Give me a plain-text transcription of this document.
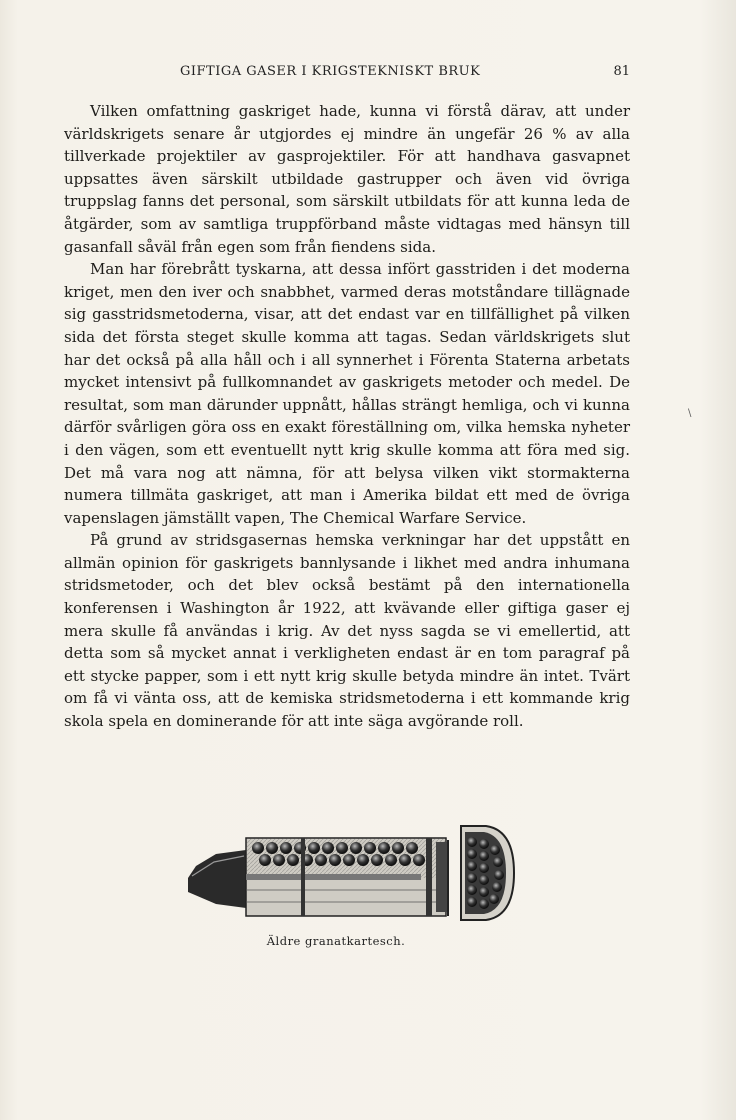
GIFTIGA GASER I KRIGSTEKNISKT BRUK	81

Vilken omfattning gaskriget hade, kunna vi förstå därav, att under världskrigets senare år utgjordes ej mindre än ungefär 26 % av alla tillverkade projektiler av gasprojektiler. För att handhava gasvapnet uppsattes även särskilt utbildade gastrupper och även vid övriga truppslag fanns det personal, som särskilt utbildats för att kunna leda de åtgärder, som av samtliga truppförband måste vidtagas med hänsyn till gasanfall såväl från egen som från fiendens sida.

Man har förebrått tyskarna, att dessa infört gasstriden i det moderna kriget, men den iver och snabbhet, varmed deras motståndare tillägnade sig gasstridsmetoderna, visar, att det endast var en tillfällighet på vilken sida det första steget skulle komma att tagas. Sedan världskrigets slut har det också på alla håll och i all synnerhet i Förenta Staterna arbetats mycket intensivt på fullkomnandet av gaskrigets metoder och medel. De resultat, som man därunder uppnått, hållas strängt hemliga, och vi kunna därför svårligen göra oss en exakt föreställning om, vilka hemska nyheter i den vägen, som ett eventuellt nytt krig skulle komma att föra med sig. Det må vara nog att nämna, för att belysa vilken vikt stormakterna numera tillmäta gaskriget, att man i Amerika bildat ett med de övriga vapenslagen jämställt vapen, The Chemical Warfare Service.

På grund av stridsgasernas hemska verkningar har det uppstått en allmän opinion för gaskrigets bannlysande i likhet med andra inhumana stridsmetoder, och det blev också bestämt på den internationella konferensen i Washington år 1922, att kvävande eller giftiga gaser ej mera skulle få användas i krig. Av det nyss sagda se vi emellertid, att detta som så mycket annat i verkligheten endast är en tom paragraf på ett stycke papper, som i ett nytt krig skulle betyda mindre än intet. Tvärt om få vi vänta oss, att de kemiska stridsmetoderna i ett kommande krig skola spela en dominerande för att inte säga avgörande roll.

\
Äldre granatkartesch.
